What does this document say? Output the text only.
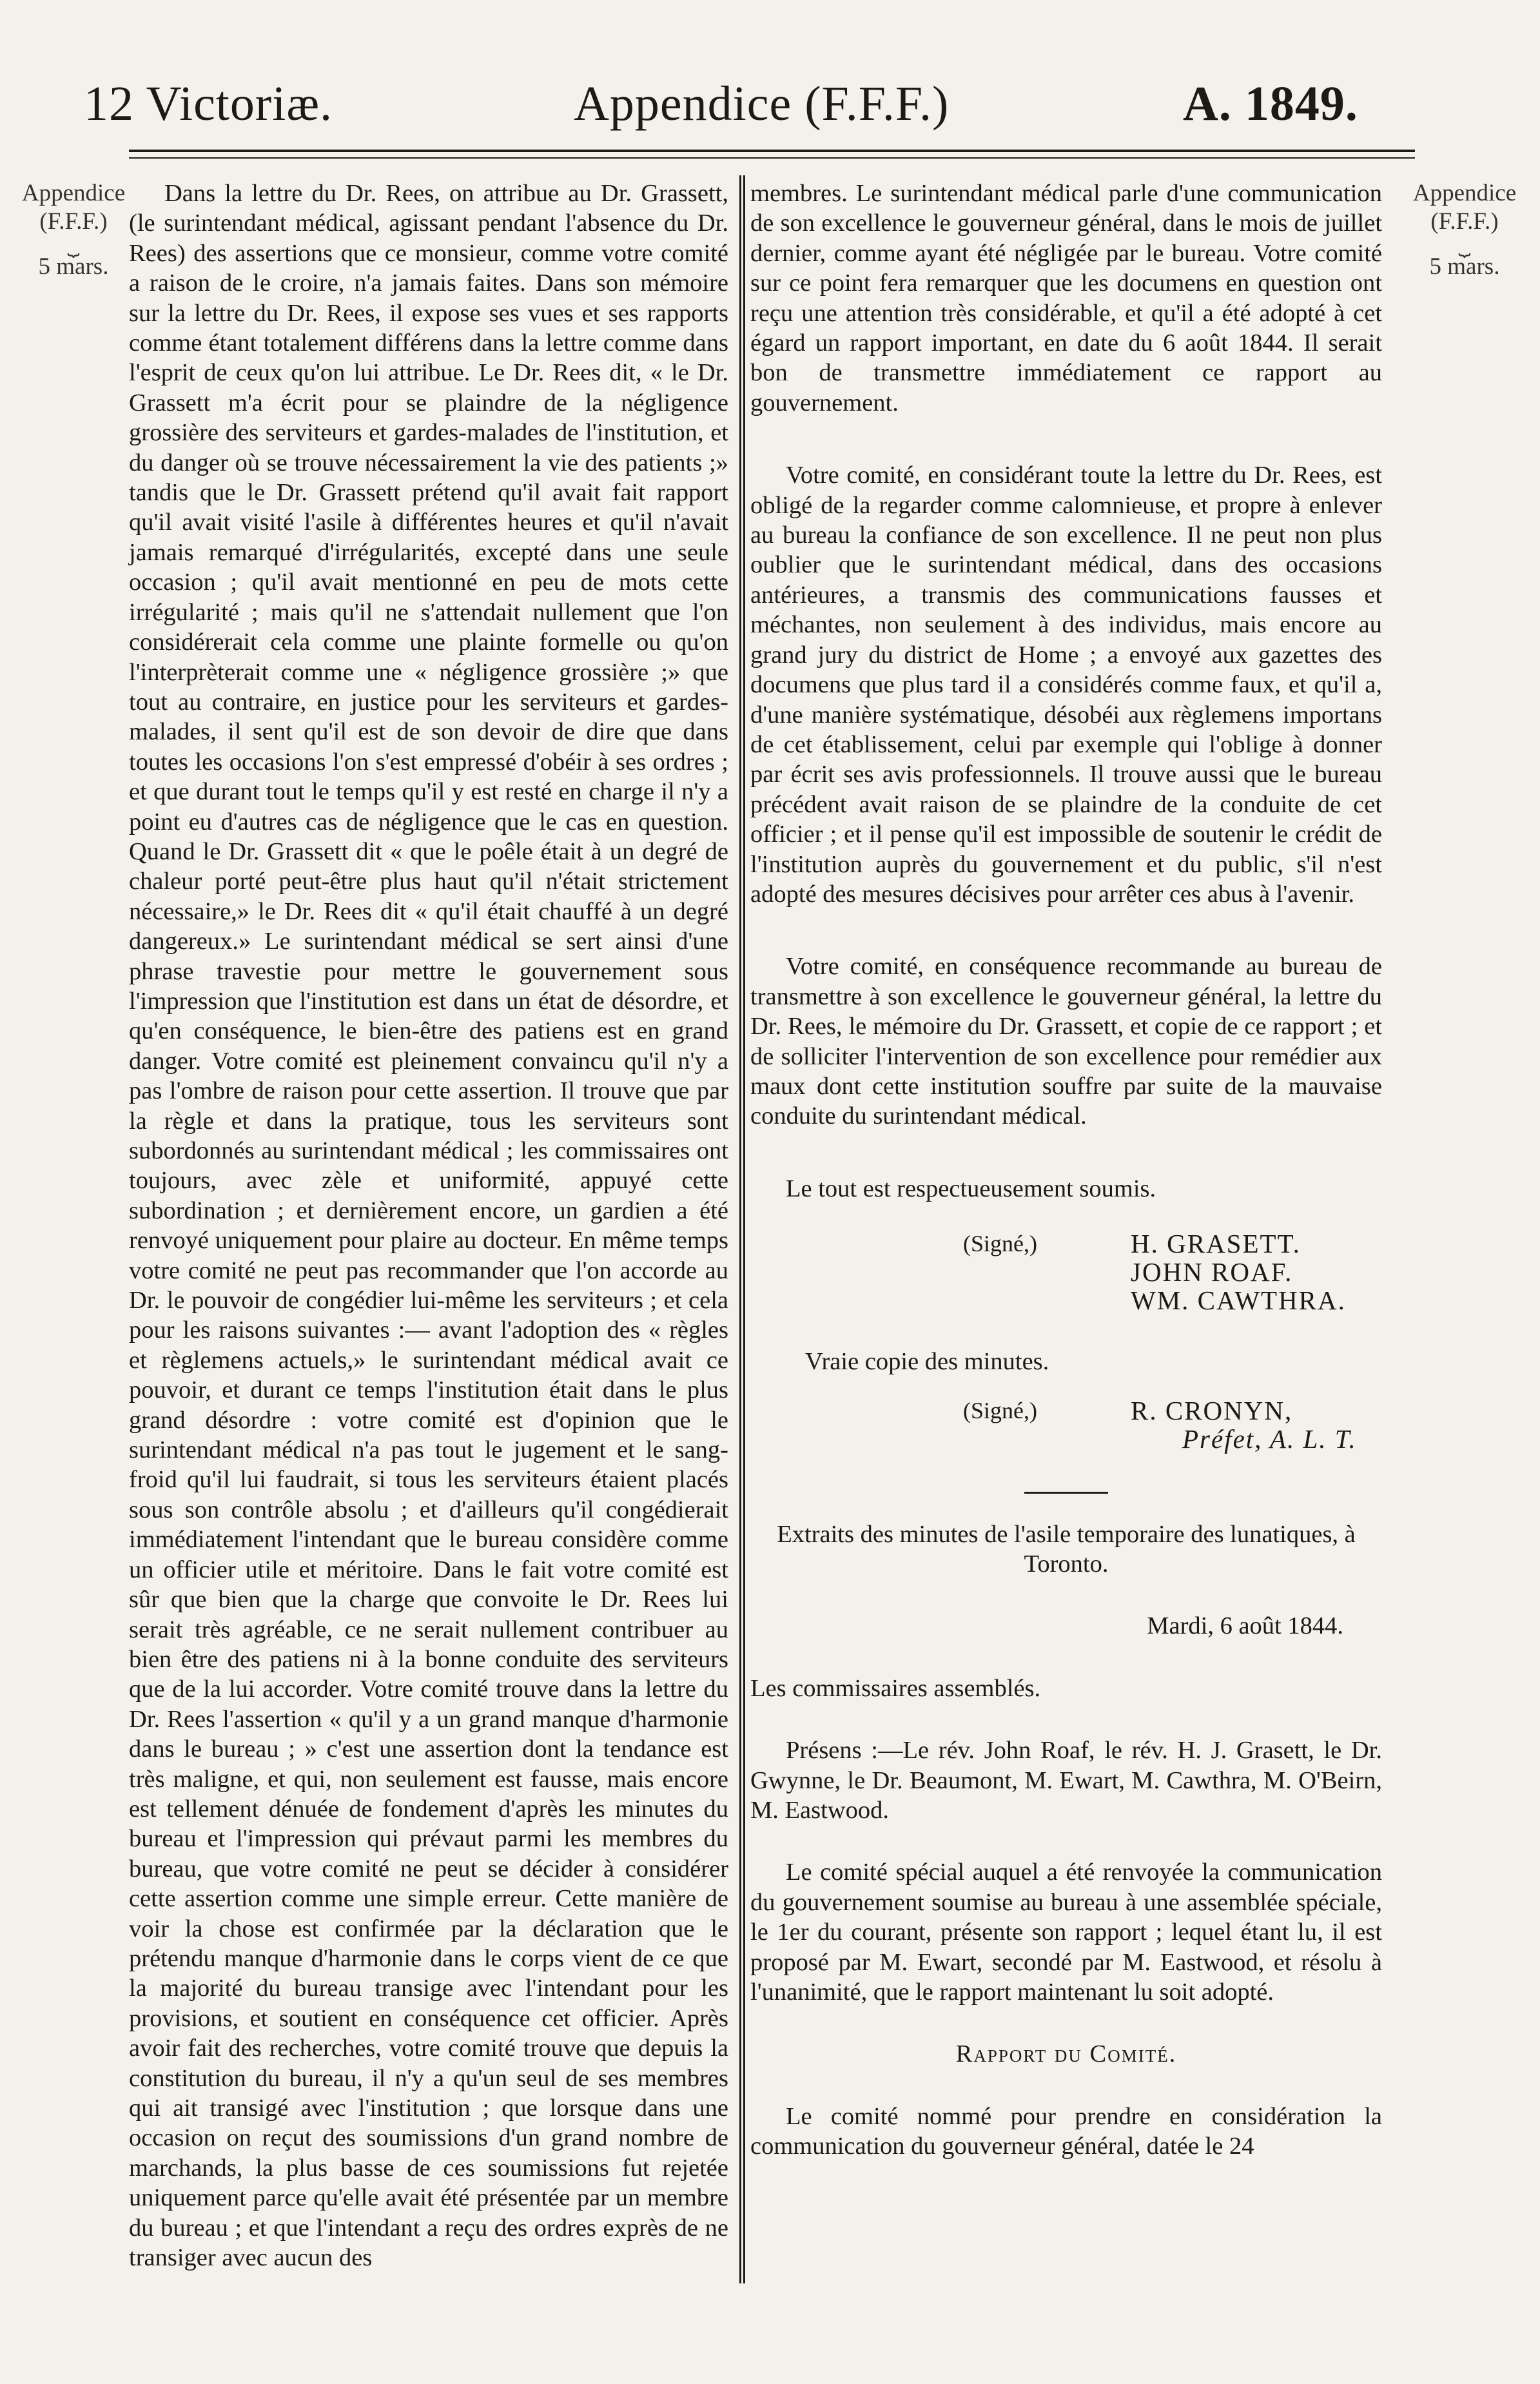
12 Victoriæ.	Appendice (F.F.F.)	A. 1849.
Appendice
(F.F.F.)
⏟
5 mars.
Appendice
(F.F.F.)
⏟
5 mars.

Dans la lettre du Dr. Rees, on attribue au Dr. Grassett, (le surintendant médical, agissant pendant l'absence du Dr. Rees) des assertions que ce monsieur, comme votre comité a raison de le croire, n'a jamais faites. Dans son mémoire sur la lettre du Dr. Rees, il expose ses vues et ses rapports comme étant totalement différens dans la lettre comme dans l'esprit de ceux qu'on lui attribue. Le Dr. Rees dit, « le Dr. Grassett m'a écrit pour se plaindre de la négligence grossière des serviteurs et gardes-malades de l'institution, et du danger où se trouve nécessairement la vie des patients ;» tandis que le Dr. Grassett prétend qu'il avait fait rapport qu'il avait visité l'asile à différentes heures et qu'il n'avait jamais remarqué d'irrégularités, excepté dans une seule occasion ; qu'il avait mentionné en peu de mots cette irrégularité ; mais qu'il ne s'attendait nullement que l'on considérerait cela comme une plainte formelle ou qu'on l'interprèterait comme une « négligence grossière ;» que tout au contraire, en justice pour les serviteurs et gardes-malades, il sent qu'il est de son devoir de dire que dans toutes les occasions l'on s'est empressé d'obéir à ses ordres ; et que durant tout le temps qu'il y est resté en charge il n'y a point eu d'autres cas de négligence que le cas en question. Quand le Dr. Grassett dit « que le poêle était à un degré de chaleur porté peut-être plus haut qu'il n'était strictement nécessaire,» le Dr. Rees dit « qu'il était chauffé à un degré dangereux.» Le surintendant médical se sert ainsi d'une phrase travestie pour mettre le gouvernement sous l'impression que l'institution est dans un état de désordre, et qu'en conséquence, le bien-être des patiens est en grand danger. Votre comité est pleinement convaincu qu'il n'y a pas l'ombre de raison pour cette assertion. Il trouve que par la règle et dans la pratique, tous les serviteurs sont subordonnés au surintendant médical ; les commissaires ont toujours, avec zèle et uniformité, appuyé cette subordination ; et dernièrement encore, un gardien a été renvoyé uniquement pour plaire au docteur. En même temps votre comité ne peut pas recommander que l'on accorde au Dr. le pouvoir de congédier lui-même les serviteurs ; et cela pour les raisons suivantes :— avant l'adoption des « règles et règlemens actuels,» le surintendant médical avait ce pouvoir, et durant ce temps l'institution était dans le plus grand désordre : votre comité est d'opinion que le surintendant médical n'a pas tout le jugement et le sang-froid qu'il lui faudrait, si tous les serviteurs étaient placés sous son contrôle absolu ; et d'ailleurs qu'il congédierait immédiatement l'intendant que le bureau considère comme un officier utile et méritoire. Dans le fait votre comité est sûr que bien que la charge que convoite le Dr. Rees lui serait très agréable, ce ne serait nullement contribuer au bien être des patiens ni à la bonne conduite des serviteurs que de la lui accorder. Votre comité trouve dans la lettre du Dr. Rees l'assertion « qu'il y a un grand manque d'harmonie dans le bureau ; » c'est une assertion dont la tendance est très maligne, et qui, non seulement est fausse, mais encore est tellement dénuée de fondement d'après les minutes du bureau et l'impression qui prévaut parmi les membres du bureau, que votre comité ne peut se décider à considérer cette assertion comme une simple erreur. Cette manière de voir la chose est confirmée par la déclaration que le prétendu manque d'harmonie dans le corps vient de ce que la majorité du bureau transige avec l'intendant pour les provisions, et soutient en conséquence cet officier. Après avoir fait des recherches, votre comité trouve que depuis la constitution du bureau, il n'y a qu'un seul de ses membres qui ait transigé avec l'institution ; que lorsque dans une occasion on reçut des soumissions d'un grand nombre de marchands, la plus basse de ces soumissions fut rejetée uniquement parce qu'elle avait été présentée par un membre du bureau ; et que l'intendant a reçu des ordres exprès de ne transiger avec aucun des

membres. Le surintendant médical parle d'une communication de son excellence le gouverneur général, dans le mois de juillet dernier, comme ayant été négligée par le bureau. Votre comité sur ce point fera remarquer que les documens en question ont reçu une attention très considérable, et qu'il a été adopté à cet égard un rapport important, en date du 6 août 1844. Il serait bon de transmettre immédiatement ce rapport au gouvernement.

Votre comité, en considérant toute la lettre du Dr. Rees, est obligé de la regarder comme calomnieuse, et propre à enlever au bureau la confiance de son excellence. Il ne peut non plus oublier que le surintendant médical, dans des occasions antérieures, a transmis des communications fausses et méchantes, non seulement à des individus, mais encore au grand jury du district de Home ; a envoyé aux gazettes des documens que plus tard il a considérés comme faux, et qu'il a, d'une manière systématique, désobéi aux règlemens importans de cet établissement, celui par exemple qui l'oblige à donner par écrit ses avis professionnels. Il trouve aussi que le bureau précédent avait raison de se plaindre de la conduite de cet officier ; et il pense qu'il est impossible de soutenir le crédit de l'institution auprès du gouvernement et du public, s'il n'est adopté des mesures décisives pour arrêter ces abus à l'avenir.

Votre comité, en conséquence recommande au bureau de transmettre à son excellence le gouverneur général, la lettre du Dr. Rees, le mémoire du Dr. Grassett, et copie de ce rapport ; et de solliciter l'intervention de son excellence pour remédier aux maux dont cette institution souffre par suite de la mauvaise conduite du surintendant médical.

Le tout est respectueusement soumis.

(Signé,)	H. GRASETT.
JOHN ROAF.
WM. CAWTHRA.

Vraie copie des minutes.

(Signé,)	R. CRONYN,
Préfet, A. L. T.

Extraits des minutes de l'asile temporaire des lunatiques, à Toronto.

Mardi, 6 août 1844.

Les commissaires assemblés.

Présens :—Le rév. John Roaf, le rév. H. J. Grasett, le Dr. Gwynne, le Dr. Beaumont, M. Ewart, M. Cawthra, M. O'Beirn, M. Eastwood.

Le comité spécial auquel a été renvoyée la communication du gouvernement soumise au bureau à une assemblée spéciale, le 1er du courant, présente son rapport ; lequel étant lu, il est proposé par M. Ewart, secondé par M. Eastwood, et résolu à l'unanimité, que le rapport maintenant lu soit adopté.

Rapport du Comité.

Le comité nommé pour prendre en considération la communication du gouverneur général, datée le 24
